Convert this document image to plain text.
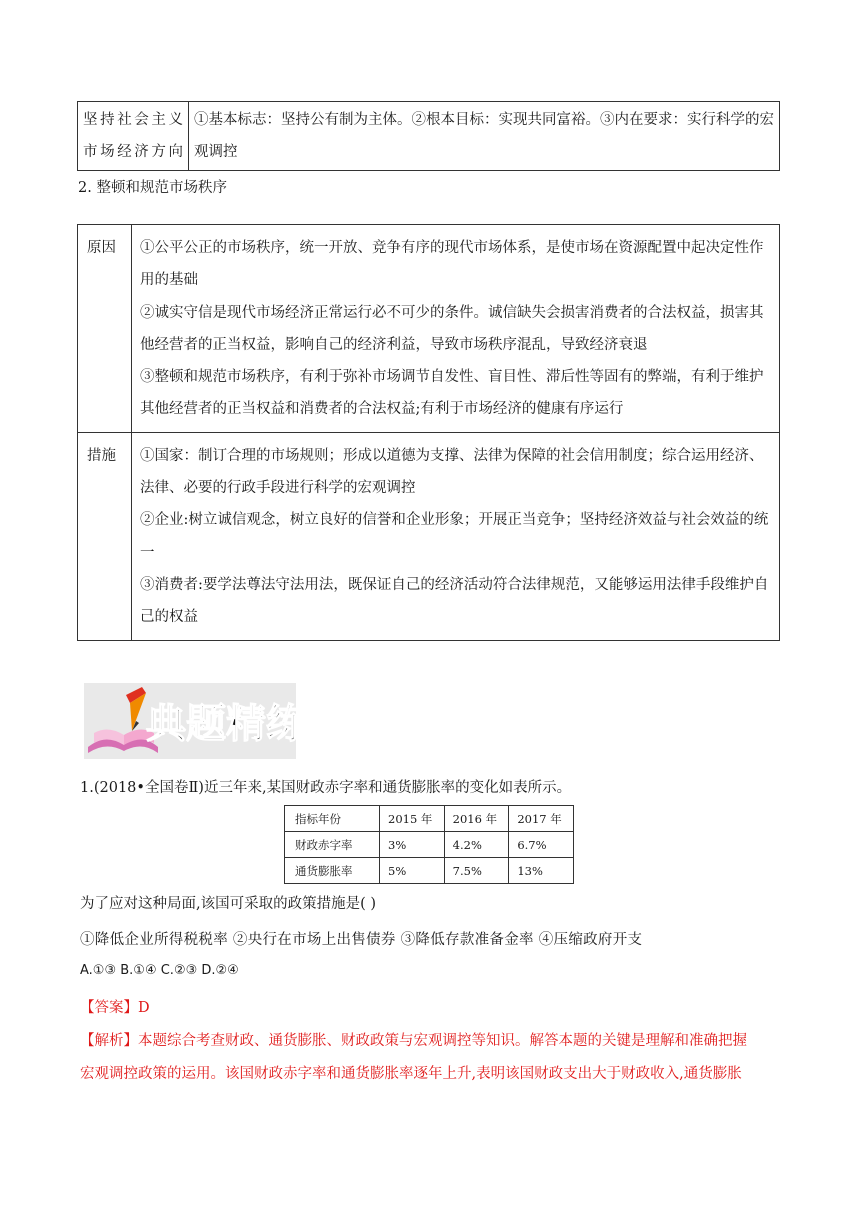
坚持社会主义市场经济方向	①基本标志：坚持公有制为主体。②根本目标：实现共同富裕。③内在要求：实行科学的宏观调控
2. 整顿和规范市场秩序
原因	①公平公正的市场秩序，统一开放、竞争有序的现代市场体系，是使市场在资源配置中起决定性作用的基础

②诚实守信是现代市场经济正常运行必不可少的条件。诚信缺失会损害消费者的合法权益，损害其他经营者的正当权益，影响自己的经济利益，导致市场秩序混乱，导致经济衰退

③整顿和规范市场秩序，有利于弥补市场调节自发性、盲目性、滞后性等固有的弊端，有利于维护其他经营者的正当权益和消费者的合法权益;有利于市场经济的健康有序运行

措施	①国家：制订合理的市场规则；形成以道德为支撑、法律为保障的社会信用制度；综合运用经济、法律、必要的行政手段进行科学的宏观调控

②企业:树立诚信观念，树立良好的信誉和企业形象；开展正当竞争；坚持经济效益与社会效益的统一

③消费者:要学法尊法守法用法，既保证自己的经济活动符合法律规范，又能够运用法律手段维护自己的权益

典题精练
1.(2018•全国卷Ⅱ)近三年来,某国财政赤字率和通货膨胀率的变化如表所示。
指标年份	2015 年	2016 年	2017 年
财政赤字率	3%	4.2%	6.7%
通货膨胀率	5%	7.5%	13%
为了应对这种局面,该国可采取的政策措施是( )
①降低企业所得税税率 ②央行在市场上出售债券 ③降低存款准备金率 ④压缩政府开支
A.①③ B.①④ C.②③ D.②④
【答案】D
【解析】本题综合考查财政、通货膨胀、财政政策与宏观调控等知识。解答本题的关键是理解和准确把握
宏观调控政策的运用。该国财政赤字率和通货膨胀率逐年上升,表明该国财政支出大于财政收入,通货膨胀
